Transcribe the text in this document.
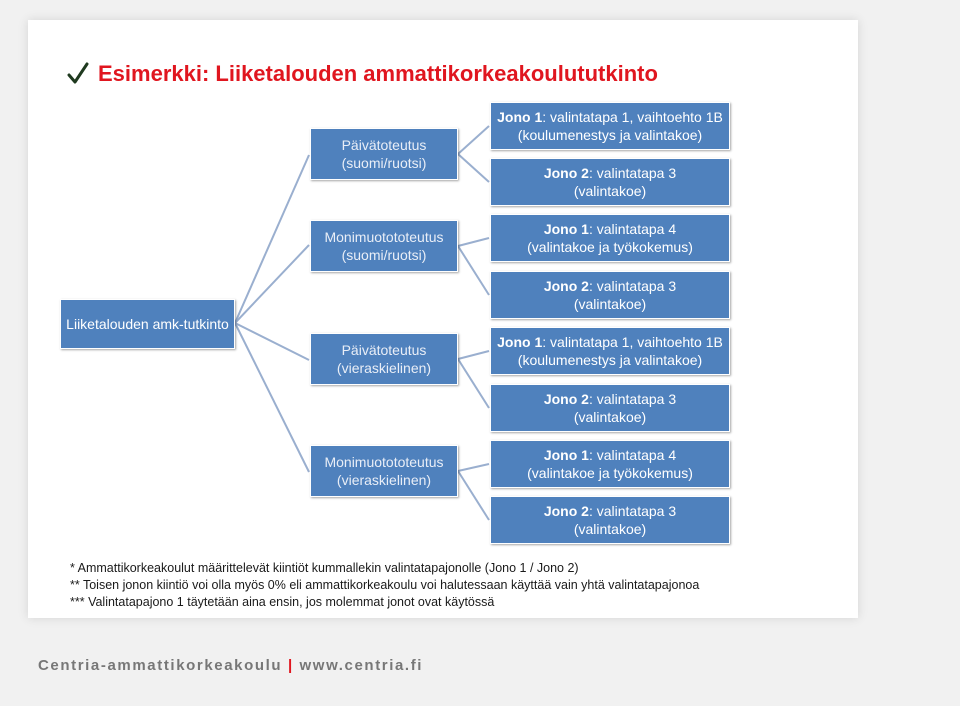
Esimerkki: Liiketalouden ammattikorkeakoulututkinto
Liiketalouden amk-tutkinto
Päivätoteutus
(suomi/ruotsi)
Jono 1: valintatapa 1, vaihtoehto 1B
(koulumenestys ja valintakoe)
Jono 2: valintatapa 3
(valintakoe)
Monimuotototeutus
(suomi/ruotsi)
Jono 1: valintatapa 4
(valintakoe ja työkokemus)
Jono 2: valintatapa 3
(valintakoe)
Päivätoteutus
(vieraskielinen)
Jono 1: valintatapa 1, vaihtoehto 1B
(koulumenestys ja valintakoe)
Jono 2: valintatapa 3
(valintakoe)
Monimuotototeutus
(vieraskielinen)
Jono 1: valintatapa 4
(valintakoe ja työkokemus)
Jono 2: valintatapa 3
(valintakoe)
* Ammattikorkeakoulut määrittelevät kiintiöt kummallekin valintatapajonolle (Jono 1 / Jono 2)
** Toisen jonon kiintiö voi olla myös 0% eli ammattikorkeakoulu voi halutessaan käyttää vain yhtä valintatapajonoa
*** Valintatapajono 1 täytetään aina ensin, jos molemmat jonot ovat käytössä
Centria-ammattikorkeakoulu | www.centria.fi
